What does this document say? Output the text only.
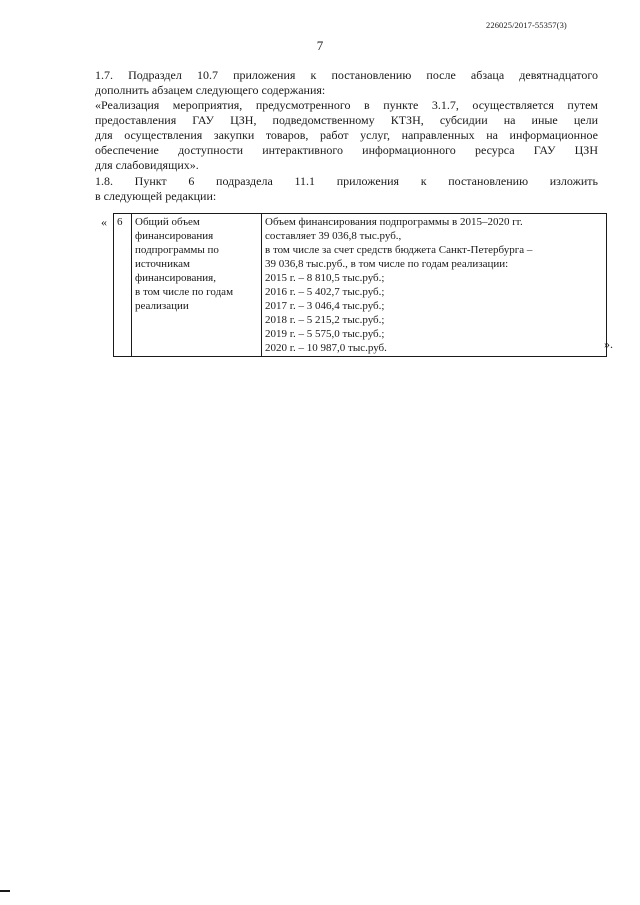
226025/2017-55357(3)
7
1.7. Подраздел 10.7 приложения к постановлению после абзаца девятнадцатого
дополнить абзацем следующего содержания:
«Реализация мероприятия, предусмотренного в пункте 3.1.7, осуществляется путем
предоставления ГАУ ЦЗН, подведомственному КТЗН, субсидии на иные цели
для осуществления закупки товаров, работ услуг, направленных на информационное
обеспечение доступности интерактивного информационного ресурса ГАУ ЦЗН
для слабовидящих».
1.8. Пункт 6 подраздела 11.1 приложения к постановлению изложить
в следующей редакции:
« 6	Общий объем
финансирования
подпрограммы по
источникам
финансирования,
в том числе по годам
реализации

Объем финансирования подпрограммы в 2015–2020 гг.
составляет 39 036,8 тыс.руб.,
в том числе за счет средств бюджета Санкт-Петербурга –
39 036,8 тыс.руб., в том числе по годам реализации:
2015 г. – 8 810,5 тыс.руб.;
2016 г. – 5 402,7 тыс.руб.;
2017 г. – 3 046,4 тыс.руб.;
2018 г. – 5 215,2 тыс.руб.;
2019 г. – 5 575,0 тыс.руб.;
2020 г. – 10 987,0 тыс.руб.	».
